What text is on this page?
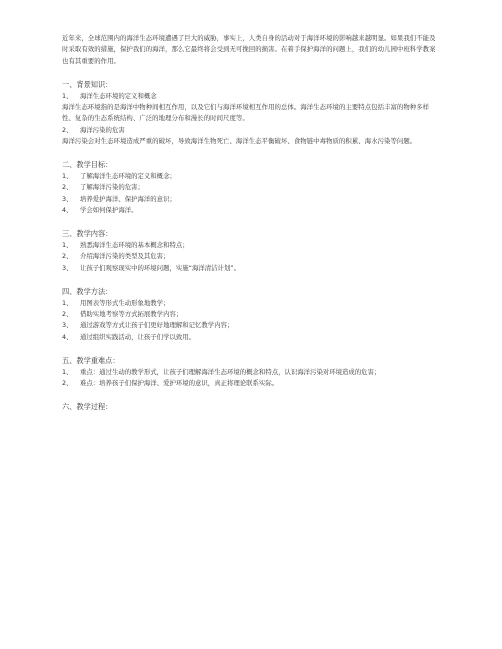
近年来，全球范围内的海洋生态环境遭遇了巨大的威胁，事实上，人类自身的活动对于海洋环境的影响越来越明显。如果我们不能及时采取有效的措施，保护我们的海洋，那么它最终将会受到无可挽回的损害。在着手保护海洋的问题上，我们的幼儿园中班科学教案也有其重要的作用。

一、背景知识：

1、	海洋生态环境的定义和概念

海洋生态环境指的是海洋中物种间相互作用，以及它们与海洋环境相互作用的总体。海洋生态环境的主要特点包括丰富的物种多样性、复杂的生态系统结构、广泛的地理分布和漫长的时间尺度等。

2、	海洋污染的危害

海洋污染会对生态环境造成严重的破坏，导致海洋生物死亡、海洋生态平衡破坏、食物链中毒物质的积累、海水污染等问题。

二、教学目标：

1、	了解海洋生态环境的定义和概念；
2、	了解海洋污染的危害；
3、	培养爱护海洋、保护海洋的意识；
4、	学会如何保护海洋。

三、教学内容：

1、	熟悉海洋生态环境的基本概念和特点；
2、	介绍海洋污染的类型及其危害；
3、	让孩子们观察现实中的环境问题，实施“海洋清洁计划”。

四、教学方法：

1、	用图表等形式生动形象地教学；
2、	借助实地考察等方式拓展教学内容；
3、	通过游戏等方式让孩子们更好地理解和记忆教学内容；
4、	通过组织实践活动，让孩子们学以致用。

五、教学重难点：

1、	重点：通过生动的教学形式，让孩子们理解海洋生态环境的概念和特点，认识海洋污染对环境造成的危害；
2、	难点：培养孩子们保护海洋、爱护环境的意识，真正将理论联系实际。

六、教学过程：
